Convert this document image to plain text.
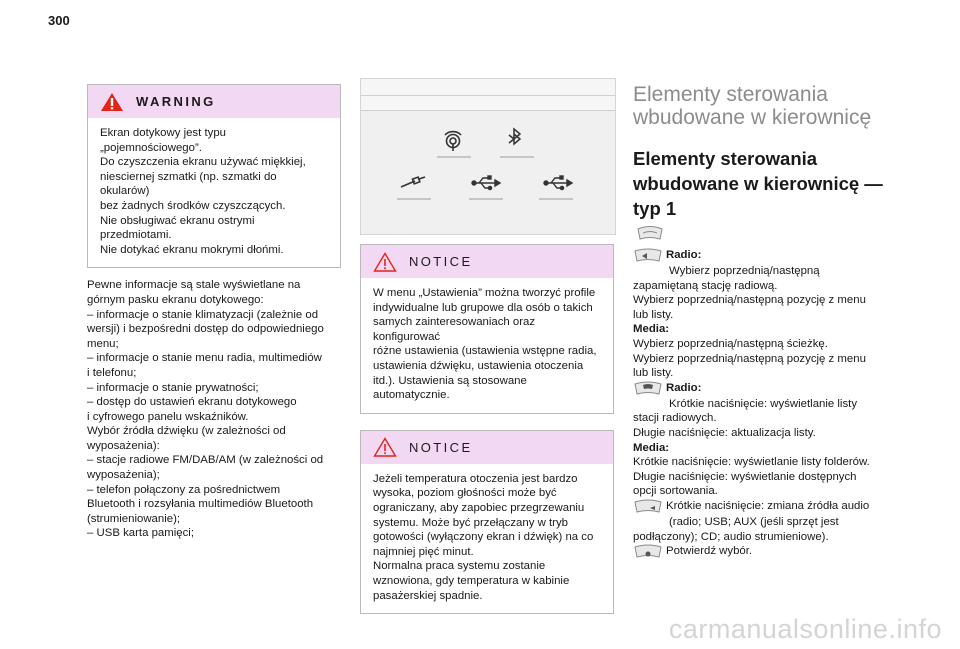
300
WARNING
Ekran dotykowy jest typu „pojemnościowego”.
Do czyszczenia ekranu używać miękkiej,
niesciernej szmatki (np. szmatki do okularów)
bez żadnych środków czyszczących.
Nie obsługiwać ekranu ostrymi przedmiotami.
Nie dotykać ekranu mokrymi dłońmi.
Pewne informacje są stale wyświetlane na
górnym pasku ekranu dotykowego:
– informacje o stanie klimatyzacji (zależnie od
wersji) i bezpośredni dostęp do odpowiedniego
menu;
– informacje o stanie menu radia, multimediów
i telefonu;
– informacje o stanie prywatności;
– dostęp do ustawień ekranu dotykowego
i cyfrowego panelu wskaźników.
Wybór źródła dźwięku (w zależności od
wyposażenia):
– stacje radiowe FM/DAB/AM (w zależności od
wyposażenia);
– telefon połączony za pośrednictwem
Bluetooth i rozsyłania multimediów Bluetooth
(strumieniowanie);
– USB karta pamięci;
NOTICE
W menu „Ustawienia” można tworzyć profile
indywidualne lub grupowe dla osób o takich
samych zainteresowaniach oraz konfigurować
różne ustawienia (ustawienia wstępne radia,
ustawienia dźwięku, ustawienia otoczenia
itd.). Ustawienia są stosowane
automatycznie.
NOTICE
Jeżeli temperatura otoczenia jest bardzo
wysoka, poziom głośności może być
ograniczany, aby zapobiec przegrzewaniu
systemu. Może być przełączany w tryb
gotowości (wyłączony ekran i dźwięk) na co
najmniej pięć minut.
Normalna praca systemu zostanie
wznowiona, gdy temperatura w kabinie
pasażerskiej spadnie.
Elementy sterowania
wbudowane w kierownicę
Elementy sterowania
wbudowane w kierownicę —
typ 1
Radio:
Wybierz poprzednią/następną
zapamiętaną stację radiową.
Wybierz poprzednią/następną pozycję z menu
lub listy.
Media:
Wybierz poprzednią/następną ścieżkę.
Wybierz poprzednią/następną pozycję z menu
lub listy.
Radio:
Krótkie naciśnięcie: wyświetlanie listy
stacji radiowych.
Długie naciśnięcie: aktualizacja listy.
Media:
Krótkie naciśnięcie: wyświetlanie listy folderów.
Długie naciśnięcie: wyświetlanie dostępnych
opcji sortowania.
Krótkie naciśnięcie: zmiana źródła audio
(radio; USB; AUX (jeśli sprzęt jest
podłączony); CD; audio strumieniowe).
Potwierdź wybór.
carmanualsonline.info
